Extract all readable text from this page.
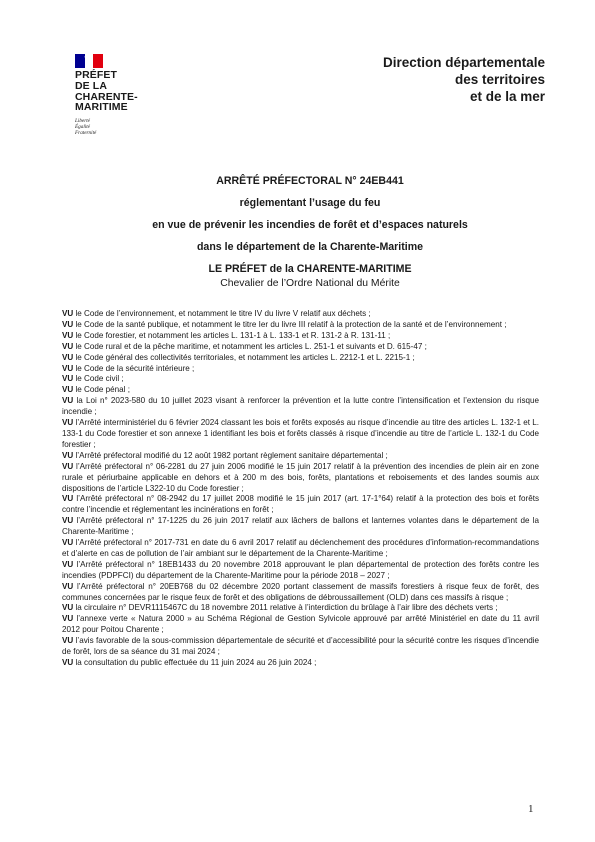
PRÉFET
DE LA
CHARENTE-
MARITIME
Liberté
Égalité
Fraternité
Direction départementale
des territoires
et de la mer
ARRÊTÉ PRÉFECTORAL N° 24EB441
réglementant l’usage du feu
en vue de prévenir les incendies de forêt et d’espaces naturels
dans le département de la Charente-Maritime
LE PRÉFET de la CHARENTE-MARITIME
Chevalier de l’Ordre National du Mérite
VU le Code de l’environnement, et notamment le titre IV du livre V relatif aux déchets ;
VU le Code de la santé publique, et notamment le titre Ier du livre III relatif à la protection de la santé et de l’environnement ;
VU le Code forestier, et notamment les articles L. 131-1 à L. 133-1 et R. 131-2 à R. 131-11 ;
VU le Code rural et de la pêche maritime, et notamment les articles L. 251-1 et suivants et D. 615-47 ;
VU le Code général des collectivités territoriales, et notamment les articles L. 2212-1 et L. 2215-1 ;
VU le Code de la sécurité intérieure ;
VU le Code civil ;
VU le Code pénal ;
VU la Loi n° 2023-580 du 10 juillet 2023 visant à renforcer la prévention et la lutte contre l’intensification et l’extension du risque incendie ;
VU l’Arrêté interministériel du 6 février 2024 classant les bois et forêts exposés au risque d’incendie au titre des articles L. 132-1 et L. 133-1 du Code forestier et son annexe 1 identifiant les bois et forêts classés à risque d’incendie au titre de l’article L. 132-1 du Code forestier ;
VU l’Arrêté préfectoral modifié du 12 août 1982 portant règlement sanitaire départemental ;
VU l’Arrêté préfectoral n° 06-2281 du 27 juin 2006 modifié le 15 juin 2017 relatif à la prévention des incendies de plein air en zone rurale et périurbaine applicable en dehors et à 200 m des bois, forêts, plantations et reboisements et des landes soumis aux dispositions de l’article L322-10 du Code forestier ;
VU l’Arrêté préfectoral n° 08-2942 du 17 juillet 2008 modifié le 15 juin 2017 (art. 17-1°64) relatif à la protection des bois et forêts contre l’incendie et réglementant les incinérations en forêt ;
VU l’Arrêté préfectoral n° 17-1225 du 26 juin 2017 relatif aux lâchers de ballons et lanternes volantes dans le département de la Charente-Maritime ;
VU l’Arrêté préfectoral n° 2017-731 en date du 6 avril 2017 relatif au déclenchement des procédures d’information-recommandations et d’alerte en cas de pollution de l’air ambiant sur le département de la Charente-Maritime ;
VU l’Arrêté préfectoral n° 18EB1433 du 20 novembre 2018 approuvant le plan départemental de protection des forêts contre les incendies (PDPFCI) du département de la Charente-Maritime pour la période 2018 – 2027 ;
VU l’Arrêté préfectoral n° 20EB768 du 02 décembre 2020 portant classement de massifs forestiers à risque feux de forêt, des communes concernées par le risque feux de forêt et des obligations de débroussaillement (OLD) dans ces massifs à risque ;
VU la circulaire n° DEVR1115467C du 18 novembre 2011 relative à l’interdiction du brûlage à l’air libre des déchets verts ;
VU l’annexe verte « Natura 2000 » au Schéma Régional de Gestion Sylvicole approuvé par arrêté Ministériel en date du 11 avril 2012 pour Poitou Charente ;
VU l’avis favorable de la sous-commission départementale de sécurité et d’accessibilité pour la sécurité contre les risques d’incendie de forêt, lors de sa séance du 31 mai 2024 ;
VU la consultation du public effectuée du 11 juin 2024 au 26 juin 2024 ;
1
